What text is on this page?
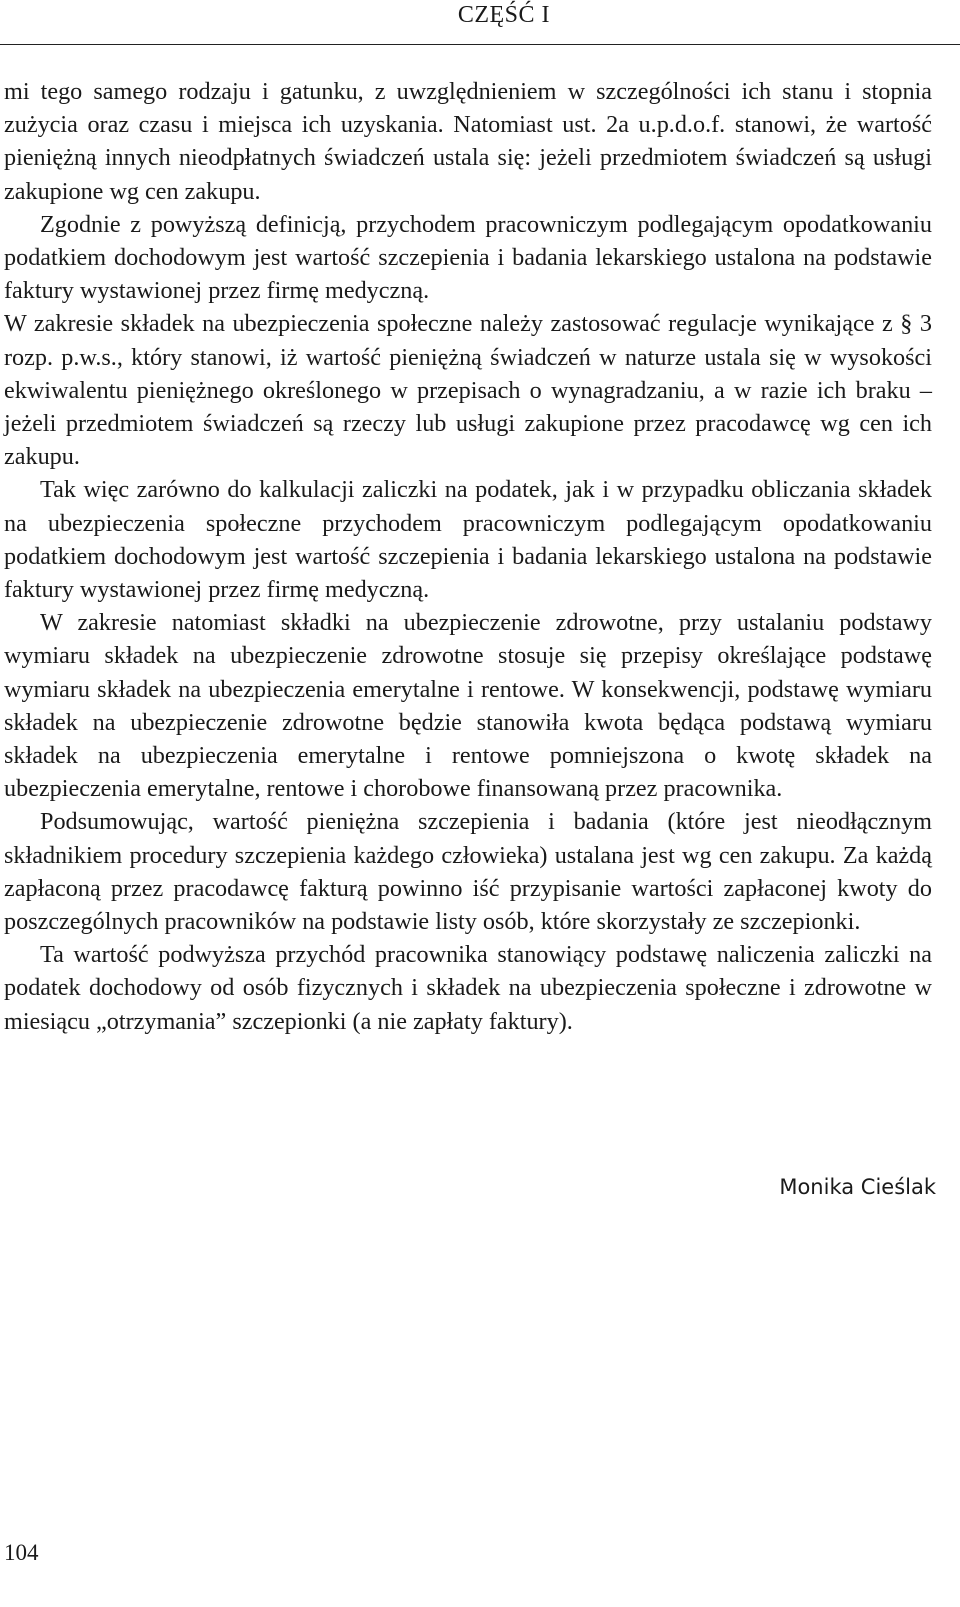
CZĘŚĆ I

mi tego samego rodzaju i gatunku, z uwzględnieniem w szczególności ich stanu i stopnia zużycia oraz czasu i miejsca ich uzyskania. Natomiast ust. 2a u.p.d.o.f. stanowi, że wartość pieniężną innych nieodpłatnych świadczeń ustala się: jeżeli przedmiotem świadczeń są usługi zakupione wg cen zakupu.

Zgodnie z powyższą definicją, przychodem pracowniczym podlegającym opodatkowaniu podatkiem dochodowym jest wartość szczepienia i badania lekarskiego ustalona na podstawie faktury wystawionej przez firmę medyczną.

W zakresie składek na ubezpieczenia społeczne należy zastosować regulacje wynikające z § 3 rozp. p.w.s., który stanowi, iż wartość pieniężną świadczeń w naturze ustala się w wysokości ekwiwalentu pieniężnego określonego w przepisach o wynagradzaniu, a w razie ich braku – jeżeli przedmiotem świadczeń są rzeczy lub usługi zakupione przez pracodawcę wg cen ich zakupu.

Tak więc zarówno do kalkulacji zaliczki na podatek, jak i w przypadku obliczania składek na ubezpieczenia społeczne przychodem pracowniczym podlegającym opodatkowaniu podatkiem dochodowym jest wartość szczepienia i badania lekarskiego ustalona na podstawie faktury wystawionej przez firmę medyczną.

W zakresie natomiast składki na ubezpieczenie zdrowotne, przy ustalaniu podstawy wymiaru składek na ubezpieczenie zdrowotne stosuje się przepisy określające podstawę wymiaru składek na ubezpieczenia emerytalne i rentowe. W konsekwencji, podstawę wymiaru składek na ubezpieczenie zdrowotne będzie stanowiła kwota będąca podstawą wymiaru składek na ubezpieczenia emerytalne i rentowe pomniejszona o kwotę składek na ubezpieczenia emerytalne, rentowe i chorobowe finansowaną przez pracownika.

Podsumowując, wartość pieniężna szczepienia i badania (które jest nieodłącznym składnikiem procedury szczepienia każdego człowieka) ustalana jest wg cen zakupu. Za każdą zapłaconą przez pracodawcę fakturą powinno iść przypisanie wartości zapłaconej kwoty do poszczególnych pracowników na podstawie listy osób, które skorzystały ze szczepionki.

Ta wartość podwyższa przychód pracownika stanowiący podstawę naliczenia zaliczki na podatek dochodowy od osób fizycznych i składek na ubezpieczenia społeczne i zdrowotne w miesiącu „otrzymania” szczepionki (a nie zapłaty faktury).

Monika Cieślak
104
